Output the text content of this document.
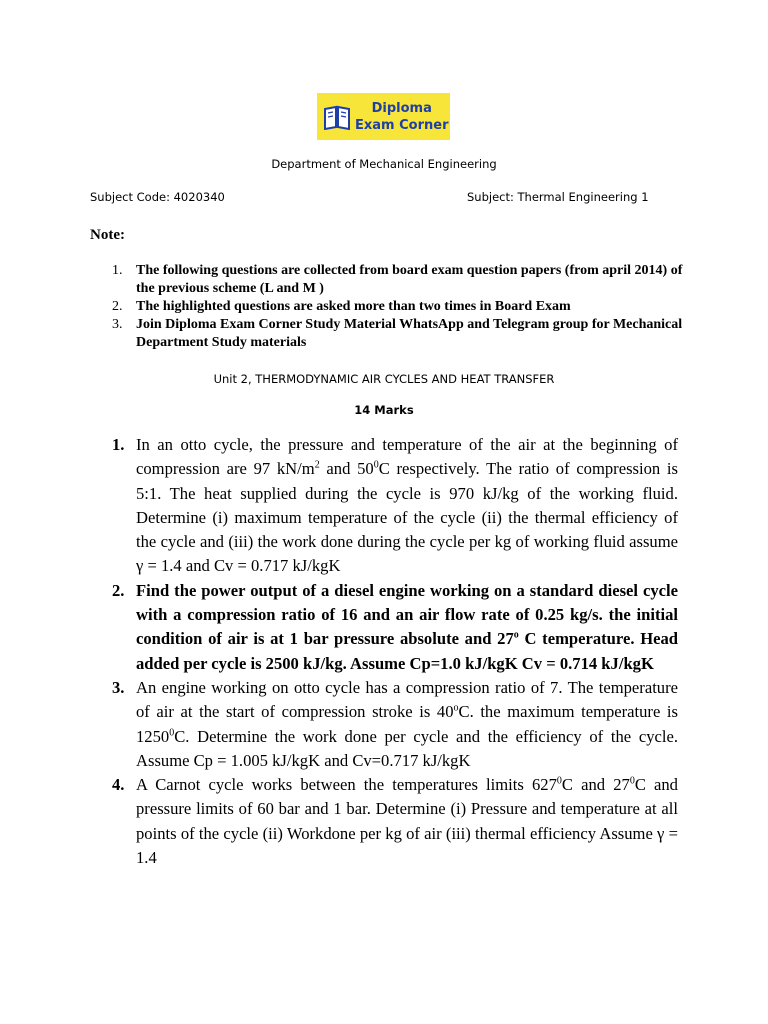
Diploma
Exam Corner
Department of Mechanical Engineering
Subject Code: 4020340	Subject: Thermal Engineering 1
Note:
1. The following questions are collected from board exam question papers (from april 2014) of the previous scheme (L and M )
2. The highlighted questions are asked more than two times in Board Exam
3. Join Diploma Exam Corner Study Material WhatsApp and Telegram group for Mechanical Department Study materials
Unit 2, THERMODYNAMIC AIR CYCLES AND HEAT TRANSFER
14 Marks
1. In an otto cycle, the pressure and temperature of the air at the beginning of compression are 97 $kN/m^2$ and $50^0C$ respectively. The ratio of compression is 5:1. The heat supplied during the cycle is 970 kJ/kg of the working fluid. Determine (i) maximum temperature of the cycle (ii) the thermal efficiency of the cycle and (iii) the work done during the cycle per kg of working fluid assume γ = 1.4 and Cv = 0.717 kJ/kgK
2. Find the power output of a diesel engine working on a standard diesel cycle with a compression ratio of 16 and an air flow rate of 0.25 kg/s. the initial condition of air is at 1 bar pressure absolute and 27$^o$ C temperature. Head added per cycle is 2500 kJ/kg. Assume Cp=1.0 kJ/kgK Cv = 0.714 kJ/kgK
3. An engine working on otto cycle has a compression ratio of 7. The temperature of air at the start of compression stroke is 40$^o$C. the maximum temperature is 1250$^0$C. Determine the work done per cycle and the efficiency of the cycle. Assume Cp = 1.005 kJ/kgK and Cv=0.717 kJ/kgK
4. A Carnot cycle works between the temperatures limits $627^0C$ and $27^0C$ and pressure limits of 60 bar and 1 bar. Determine (i) Pressure and temperature at all points of the cycle (ii) Workdone per kg of air (iii) thermal efficiency Assume γ = 1.4
